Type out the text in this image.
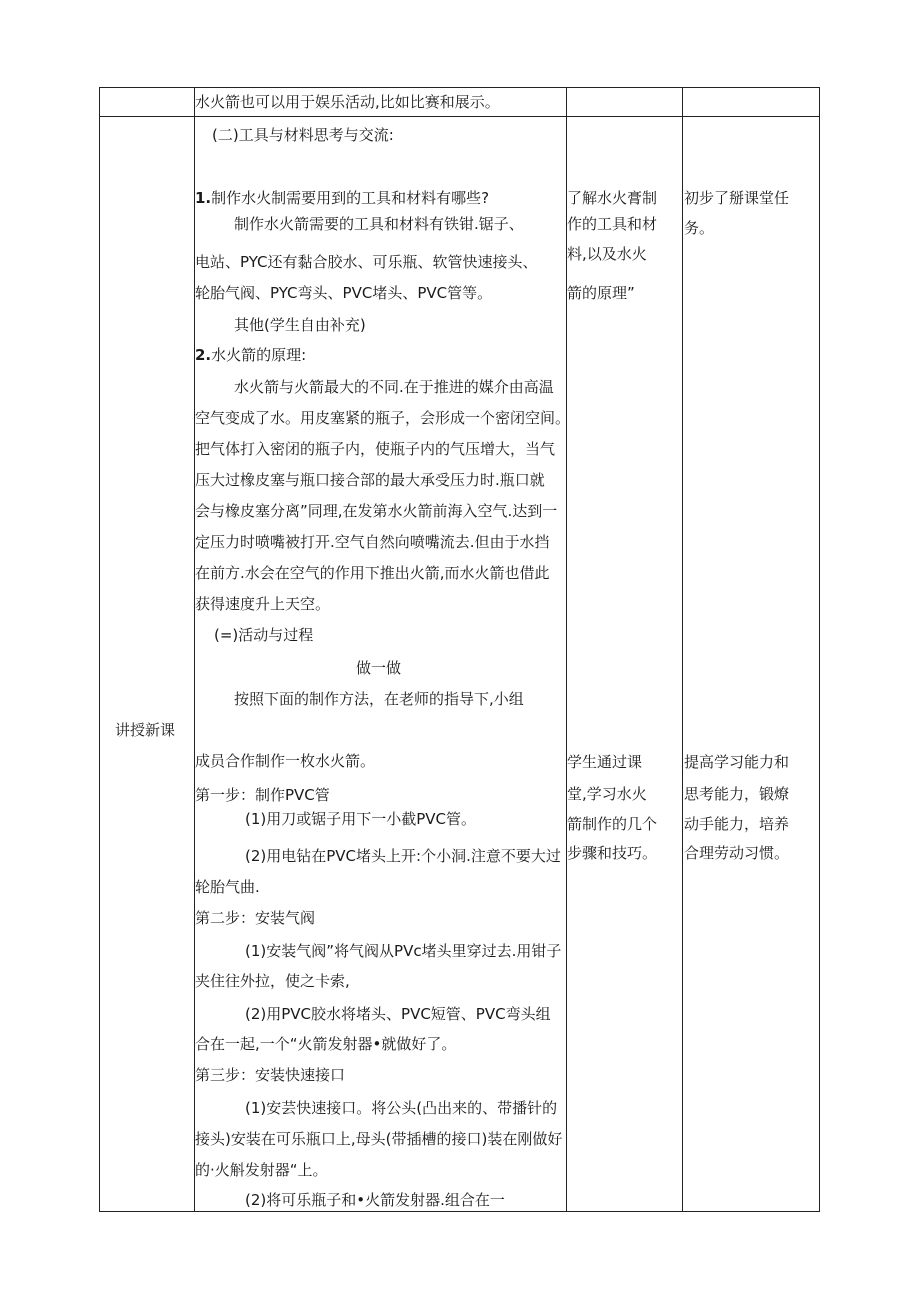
水火箭也可以用于娱乐活动,比如比赛和展示。
讲授新课
(二)工具与材料思考与交流:
1.制作水火制需要用到的工具和材料有哪些?
制作水火箭需要的工具和材料有铁钳.锯子、
电站、PYC还有黏合胶水、可乐瓶、软管快速接头、
轮胎气阀、PYC弯头、PVC堵头、PVC管等。
其他(学生自由补充)
2.水火箭的原理:
水火箭与火箭最大的不同.在于推进的媒介由高温
空气变成了水。用皮塞紧的瓶子，会形成一个密闭空间。
把气体打入密闭的瓶子内，使瓶子内的气压增大，当气
压大过橡皮塞与瓶口接合部的最大承受压力时.瓶口就
会与橡皮塞分离”同理,在发第水火箭前海入空气.达到一
定压力时喷嘴被打开.空气自然向喷嘴流去.但由于水挡
在前方.水会在空气的作用下推出火箭,而水火箭也借此
获得速度升上天空。
(=)活动与过程
做一做
按照下面的制作方法，在老师的指导下,小组
成员合作制作一枚水火箭。
第一步：制作PVC管
(1)用刀或锯子用下一小截PVC管。
(2)用电钻在PVC堵头上开:个小洞.注意不要大过
轮胎气曲.
第二步：安装气阀
(1)安装气阀”将气阀从PVc堵头里穿过去.用钳子
夹住往外拉，使之卡索,
(2)用PVC胶水将堵头、PVC短管、PVC弯头组
合在一起,一个“火箭发射器•就做好了。
第三步：安装快速接口
(1)安芸快速接口。将公头(凸出来的、带播针的
接头)安装在可乐瓶口上,母头(带插槽的接口)装在刚做好
的·火斛发射器“上。
(2)将可乐瓶子和•火箭发射器.组合在一
了解水火膏制
作的工具和材
料,以及水火
箭的原理”
学生通过课
堂,学习水火
箭制作的几个
步骤和技巧。
初步了掰课堂任
务。
提高学习能力和
思考能力，锻燎
动手能力，培养
合理劳动习惯。
